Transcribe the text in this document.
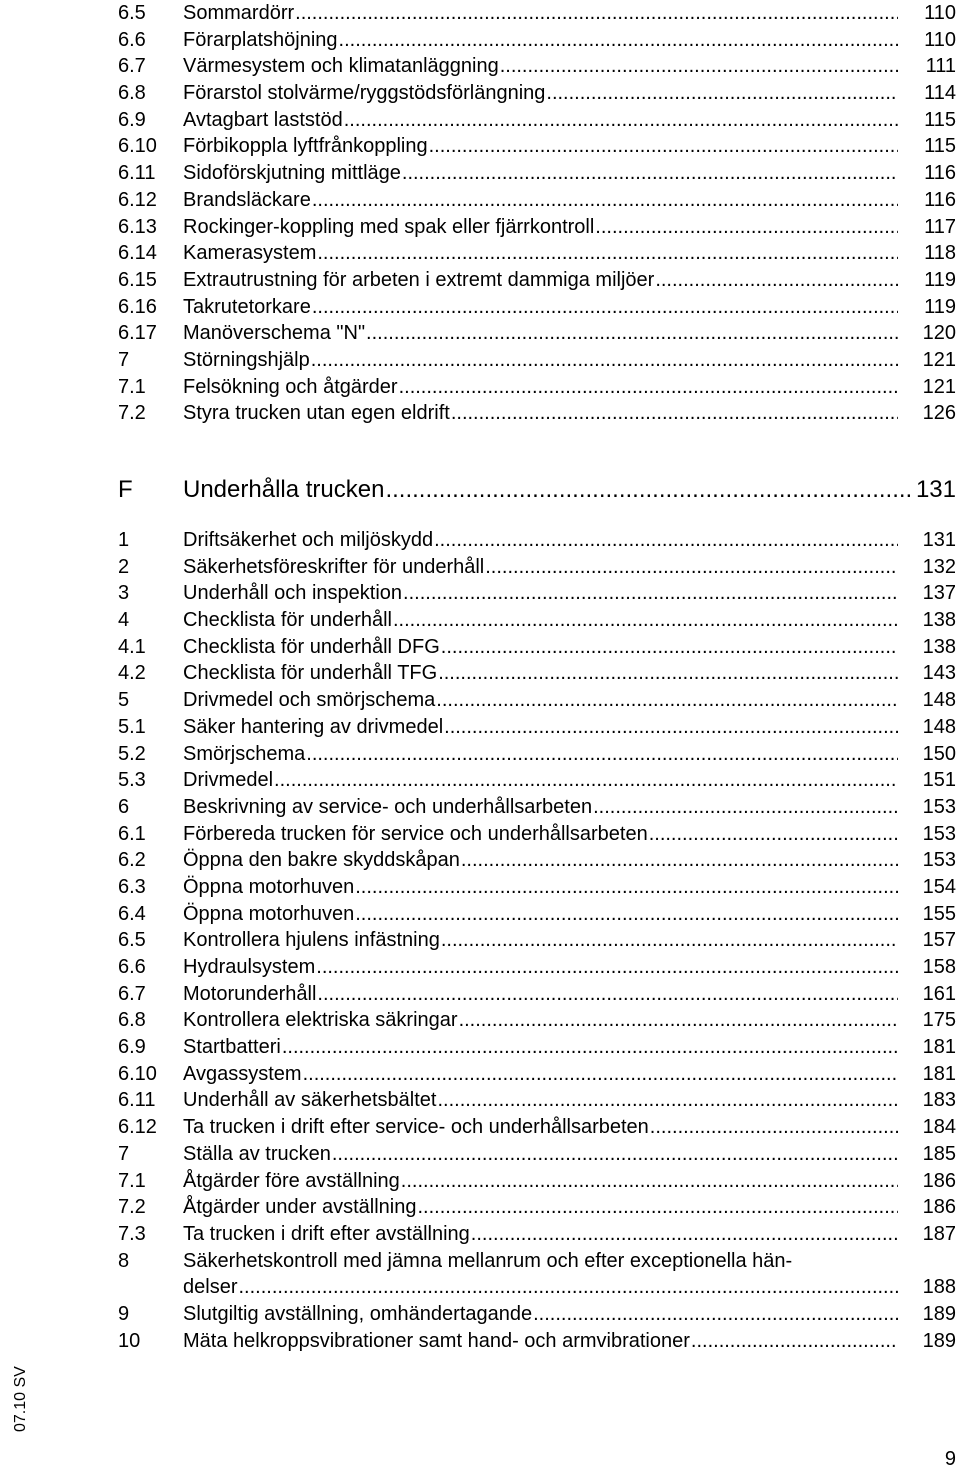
6.5 Sommardörr .....	110
6.6 Förarplatshöjning .....	110
6.7 Värmesystem och klimatanläggning .....	111
6.8 Förarstol stolvärme/ryggstödsförlängning .....	114
6.9 Avtagbart laststöd .....	115
6.10 Förbikoppla lyftfrånkoppling .....	115
6.11 Sidoförskjutning mittläge .....	116
6.12 Brandsläckare .....	116
6.13 Rockinger-koppling med spak eller fjärrkontroll .....	117
6.14 Kamerasystem .....	118
6.15 Extrautrustning för arbeten i extremt dammiga miljöer .....	119
6.16 Takrutetorkare .....	119
6.17 Manöverschema "N" .....	120
7	Störningshjälp .....	121
7.1 Felsökning och åtgärder .....	121
7.2 Styra trucken utan egen eldrift .....	126
F Underhålla trucken .....	131
1	Driftsäkerhet och miljöskydd .....	131
2	Säkerhetsföreskrifter för underhåll .....	132
3	Underhåll och inspektion .....	137
4	Checklista för underhåll .....	138
4.1 Checklista för underhåll DFG .....	138
4.2 Checklista för underhåll TFG .....	143
5	Drivmedel och smörjschema .....	148
5.1 Säker hantering av drivmedel .....	148
5.2 Smörjschema .....	150
5.3 Drivmedel .....	151
6	Beskrivning av service- och underhållsarbeten .....	153
6.1 Förbereda trucken för service och underhållsarbeten .....	153
6.2 Öppna den bakre skyddskåpan .....	153
6.3 Öppna motorhuven .....	154
6.4 Öppna motorhuven .....	155
6.5 Kontrollera hjulens infästning .....	157
6.6 Hydraulsystem .....	158
6.7 Motorunderhåll .....	161
6.8 Kontrollera elektriska säkringar .....	175
6.9 Startbatteri .....	181
6.10 Avgassystem .....	181
6.11 Underhåll av säkerhetsbältet .....	183
6.12 Ta trucken i drift efter service- och underhållsarbeten .....	184
7	Ställa av trucken .....	185
7.1 Åtgärder före avställning .....	186
7.2 Åtgärder under avställning .....	186
7.3 Ta trucken i drift efter avställning .....	187
8	Säkerhetskontroll med jämna mellanrum och efter exceptionella hän-
delser .....	188
9	Slutgiltig avställning, omhändertagande .....	189
10 Mäta helkroppsvibrationer samt hand- och armvibrationer .....	189
07.10 SV
9
